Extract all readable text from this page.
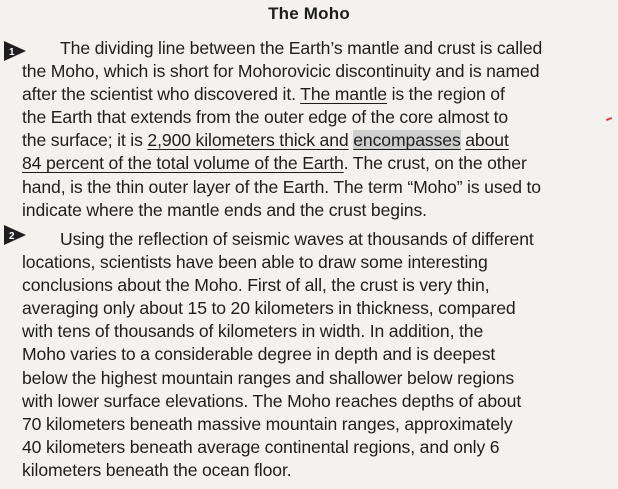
The Moho
1	The dividing line between the Earth’s mantle and crust is called
the Moho, which is short for Mohorovicic discontinuity and is named
after the scientist who discovered it. The mantle is the region of
the Earth that extends from the outer edge of the core almost to
the surface; it is 2,900 kilometers thick and encompasses about
84 percent of the total volume of the Earth. The crust, on the other
hand, is the thin outer layer of the Earth. The term “Moho” is used to
indicate where the mantle ends and the crust begins.
2	Using the reflection of seismic waves at thousands of different
locations, scientists have been able to draw some interesting
conclusions about the Moho. First of all, the crust is very thin,
averaging only about 15 to 20 kilometers in thickness, compared
with tens of thousands of kilometers in width. In addition, the
Moho varies to a considerable degree in depth and is deepest
below the highest mountain ranges and shallower below regions
with lower surface elevations. The Moho reaches depths of about
70 kilometers beneath massive mountain ranges, approximately
40 kilometers beneath average continental regions, and only 6
kilometers beneath the ocean floor.
